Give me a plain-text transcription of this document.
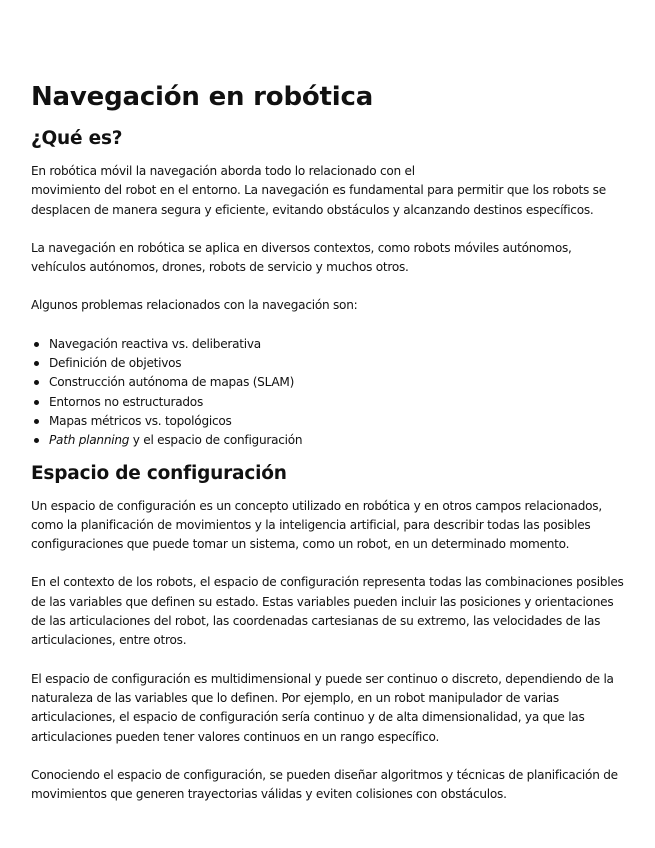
Navegación en robótica
¿Qué es?

En robótica móvil la navegación aborda todo lo relacionado con el
movimiento del robot en el entorno. La navegación es fundamental para permitir que los robots se desplacen de manera segura y eficiente, evitando obstáculos y alcanzando destinos específicos.

La navegación en robótica se aplica en diversos contextos, como robots móviles autónomos, vehículos autónomos, drones, robots de servicio y muchos otros.

Algunos problemas relacionados con la navegación son:

Navegación reactiva vs. deliberativa
Definición de objetivos
Construcción autónoma de mapas (SLAM)
Entornos no estructurados
Mapas métricos vs. topológicos
Path planning y el espacio de configuración
Espacio de configuración

Un espacio de configuración es un concepto utilizado en robótica y en otros campos relacionados, como la planificación de movimientos y la inteligencia artificial, para describir todas las posibles configuraciones que puede tomar un sistema, como un robot, en un determinado momento.

En el contexto de los robots, el espacio de configuración representa todas las combinaciones posibles de las variables que definen su estado. Estas variables pueden incluir las posiciones y orientaciones de las articulaciones del robot, las coordenadas cartesianas de su extremo, las velocidades de las articulaciones, entre otros.

El espacio de configuración es multidimensional y puede ser continuo o discreto, dependiendo de la naturaleza de las variables que lo definen. Por ejemplo, en un robot manipulador de varias articulaciones, el espacio de configuración sería continuo y de alta dimensionalidad, ya que las articulaciones pueden tener valores continuos en un rango específico.

Conociendo el espacio de configuración, se pueden diseñar algoritmos y técnicas de planificación de movimientos que generen trayectorias válidas y eviten colisiones con obstáculos.
